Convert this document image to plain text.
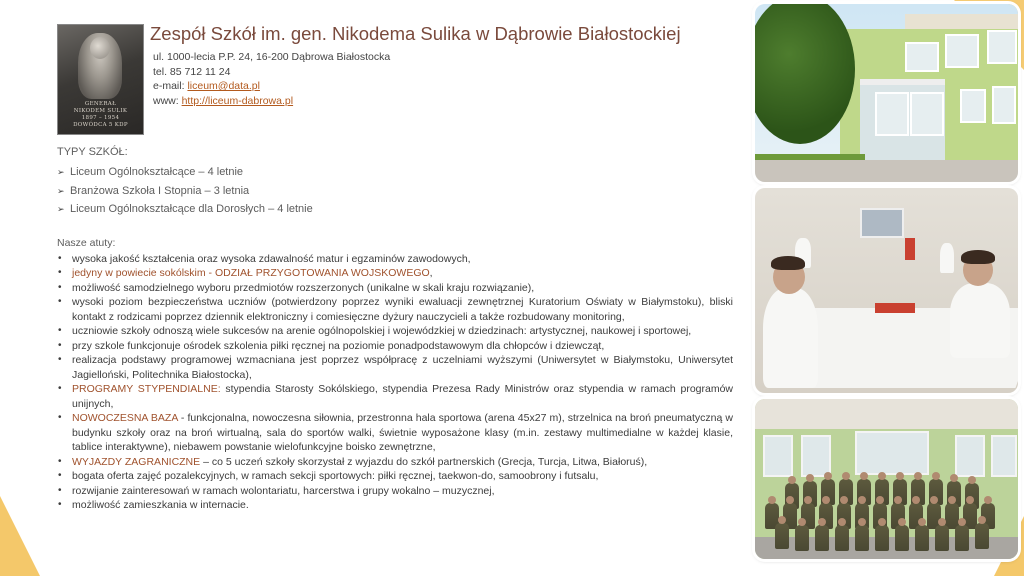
GENERAŁ
NIKODEM SULIK
1897 – 1954
DOWÓDCA 5 KDP
Zespół Szkół im. gen. Nikodema Sulika w Dąbrowie Białostockiej
ul. 1000-lecia P.P. 24, 16-200 Dąbrowa Białostocka
tel. 85 712 11 24
e-mail: liceum@data.pl
www: http://liceum-dabrowa.pl
TYPY SZKÓŁ:
➢ Liceum Ogólnokształcące – 4 letnie
➢ Branżowa Szkoła I Stopnia – 3 letnia
➢ Liceum Ogólnokształcące dla Dorosłych – 4 letnie
Nasze atuty:
• wysoka jakość kształcenia oraz wysoka zdawalność matur i egzaminów zawodowych,
• jedyny w powiecie sokólskim - ODZIAŁ PRZYGOTOWANIA WOJSKOWEGO,
• możliwość samodzielnego wyboru przedmiotów rozszerzonych (unikalne w skali kraju rozwiązanie),
• wysoki poziom bezpieczeństwa uczniów (potwierdzony poprzez wyniki ewaluacji zewnętrznej Kuratorium Oświaty w Białymstoku), bliski kontakt z rodzicami poprzez dziennik elektroniczny i comiesięczne dyżury nauczycieli a także rozbudowany monitoring,
• uczniowie szkoły odnoszą wiele sukcesów na arenie ogólnopolskiej i wojewódzkiej w dziedzinach: artystycznej, naukowej i sportowej,
• przy szkole funkcjonuje ośrodek szkolenia piłki ręcznej na poziomie ponadpodstawowym dla chłopców i dziewcząt,
• realizacja podstawy programowej wzmacniana jest poprzez współpracę z uczelniami wyższymi (Uniwersytet w Białymstoku, Uniwersytet Jagielloński, Politechnika Białostocka),
• PROGRAMY STYPENDIALNE: stypendia Starosty Sokólskiego, stypendia Prezesa Rady Ministrów oraz stypendia w ramach programów unijnych,
• NOWOCZESNA BAZA - funkcjonalna, nowoczesna siłownia, przestronna hala sportowa (arena 45x27 m), strzelnica na broń pneumatyczną w budynku szkoły oraz na broń wirtualną, sala do sportów walki, świetnie wyposażone klasy (m.in. zestawy multimedialne w każdej klasie, tablice interaktywne), niebawem powstanie wielofunkcyjne boisko zewnętrzne,
• WYJAZDY ZAGRANICZNE – co 5 uczeń szkoły skorzystał z wyjazdu do szkół partnerskich (Grecja, Turcja, Litwa, Białoruś),
• bogata oferta zajęć pozalekcyjnych, w ramach sekcji sportowych: piłki ręcznej, taekwon-do, samoobrony i futsalu,
• rozwijanie zainteresowań w ramach wolontariatu, harcerstwa i grupy wokalno – muzycznej,
• możliwość zamieszkania w internacie.
